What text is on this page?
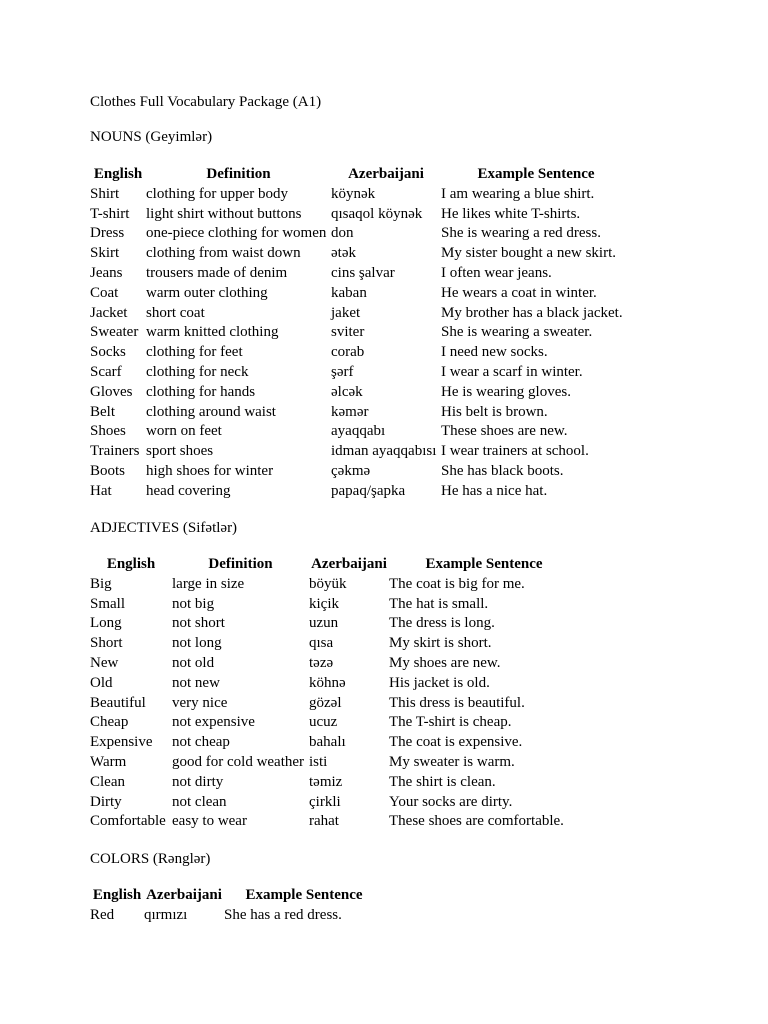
Clothes Full Vocabulary Package (A1)
NOUNS (Geyimlər)
English	Definition	Azerbaijani	Example Sentence
Shirt	clothing for upper body	köynək	I am wearing a blue shirt.
T-shirt	light shirt without buttons	qısaqol köynək	He likes white T-shirts.
Dress	one-piece clothing for women	don	She is wearing a red dress.
Skirt	clothing from waist down	ətək	My sister bought a new skirt.
Jeans	trousers made of denim	cins şalvar	I often wear jeans.
Coat	warm outer clothing	kaban	He wears a coat in winter.
Jacket	short coat	jaket	My brother has a black jacket.
Sweater	warm knitted clothing	sviter	She is wearing a sweater.
Socks	clothing for feet	corab	I need new socks.
Scarf	clothing for neck	şərf	I wear a scarf in winter.
Gloves	clothing for hands	əlcək	He is wearing gloves.
Belt	clothing around waist	kəmər	His belt is brown.
Shoes	worn on feet	ayaqqabı	These shoes are new.
Trainers	sport shoes	idman ayaqqabısı	I wear trainers at school.
Boots	high shoes for winter	çəkmə	She has black boots.
Hat	head covering	papaq/şapka	He has a nice hat.
ADJECTIVES (Sifətlər)
English	Definition	Azerbaijani	Example Sentence
Big	large in size	böyük	The coat is big for me.
Small	not big	kiçik	The hat is small.
Long	not short	uzun	The dress is long.
Short	not long	qısa	My skirt is short.
New	not old	təzə	My shoes are new.
Old	not new	köhnə	His jacket is old.
Beautiful	very nice	gözəl	This dress is beautiful.
Cheap	not expensive	ucuz	The T-shirt is cheap.
Expensive	not cheap	bahalı	The coat is expensive.
Warm	good for cold weather	isti	My sweater is warm.
Clean	not dirty	təmiz	The shirt is clean.
Dirty	not clean	çirkli	Your socks are dirty.
Comfortable	easy to wear	rahat	These shoes are comfortable.
COLORS (Rənglər)
English	Azerbaijani	Example Sentence
Red	qırmızı	She has a red dress.
